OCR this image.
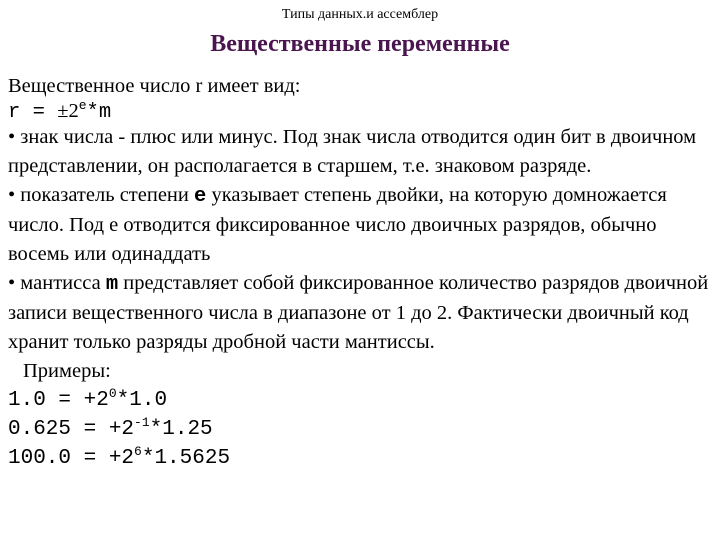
Типы данных.и ассемблер
Вещественные переменные

Вещественное число r имеет вид:

$r = \pm 2^e*m$

• знак числа - плюс или минус. Под знак числа отводится один бит в двоичном представлении, он располагается в старшем, т.е. знаковом разряде.

• показатель степени e указывает степень двойки, на которую домножается число. Под е отводится фиксированное число двоичных разрядов, обычно восемь или одинаддать

• мантисса m представляет собой фиксированное количество разрядов двоичной записи вещественного числа в диапазоне от 1 до 2. Фактически двоичный код хранит только разряды дробной части мантиссы.

Примеры:

$1.0 = +2^0*1.0$
$0.625 = +2^{-1}*1.25$
$100.0 = +2^6*1.5625$
